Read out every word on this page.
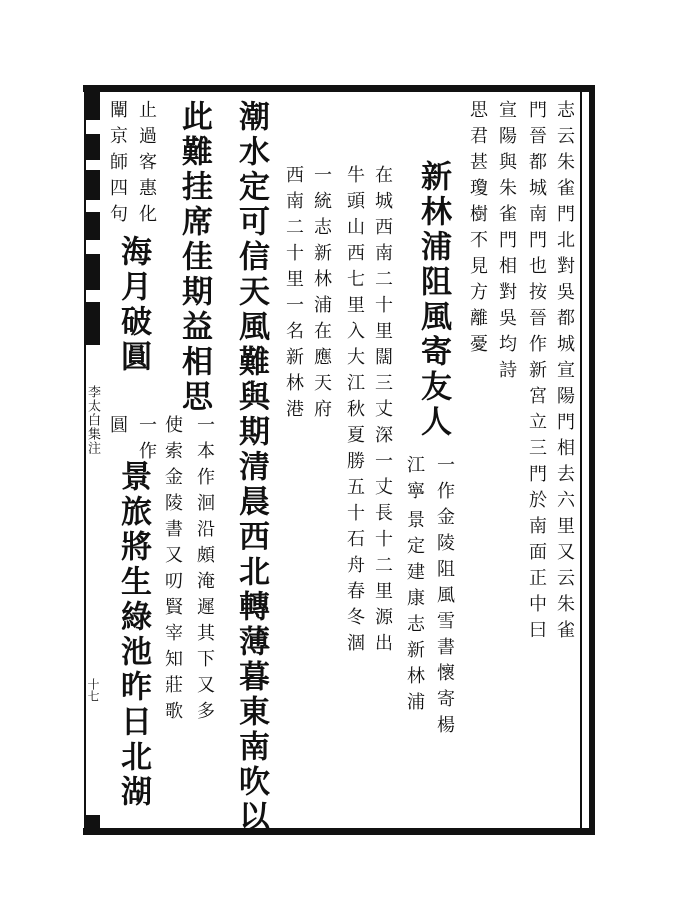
李太白集注
十七
志云朱雀門北對吳都城宣陽門相去六里又云朱雀
門晉都城南門也按晉作新宮立三門於南面正中曰
宣陽與朱雀門相對吳均詩
思君甚瓊樹不見方離憂
新林浦阻風寄友人
一作金陵阻風雪書懷寄楊
江寧
景定建康志新林浦
在城西南二十里闊三丈深一丈長十二里源出
牛頭山西七里入大江秋夏勝五十石舟春冬涸
一統志新林浦在應天府
西南二十里一名新林港
潮水定可信天風難與期清晨西北轉薄暮東南吹以
此難挂席佳期益相思
一本作洄沿頗淹遲其下又多
使索金陵書又叨賢宰知莊歌
止過客惠化
海月破圓
一作
景旅將生綠池昨日北湖
闡京師四句
圓
